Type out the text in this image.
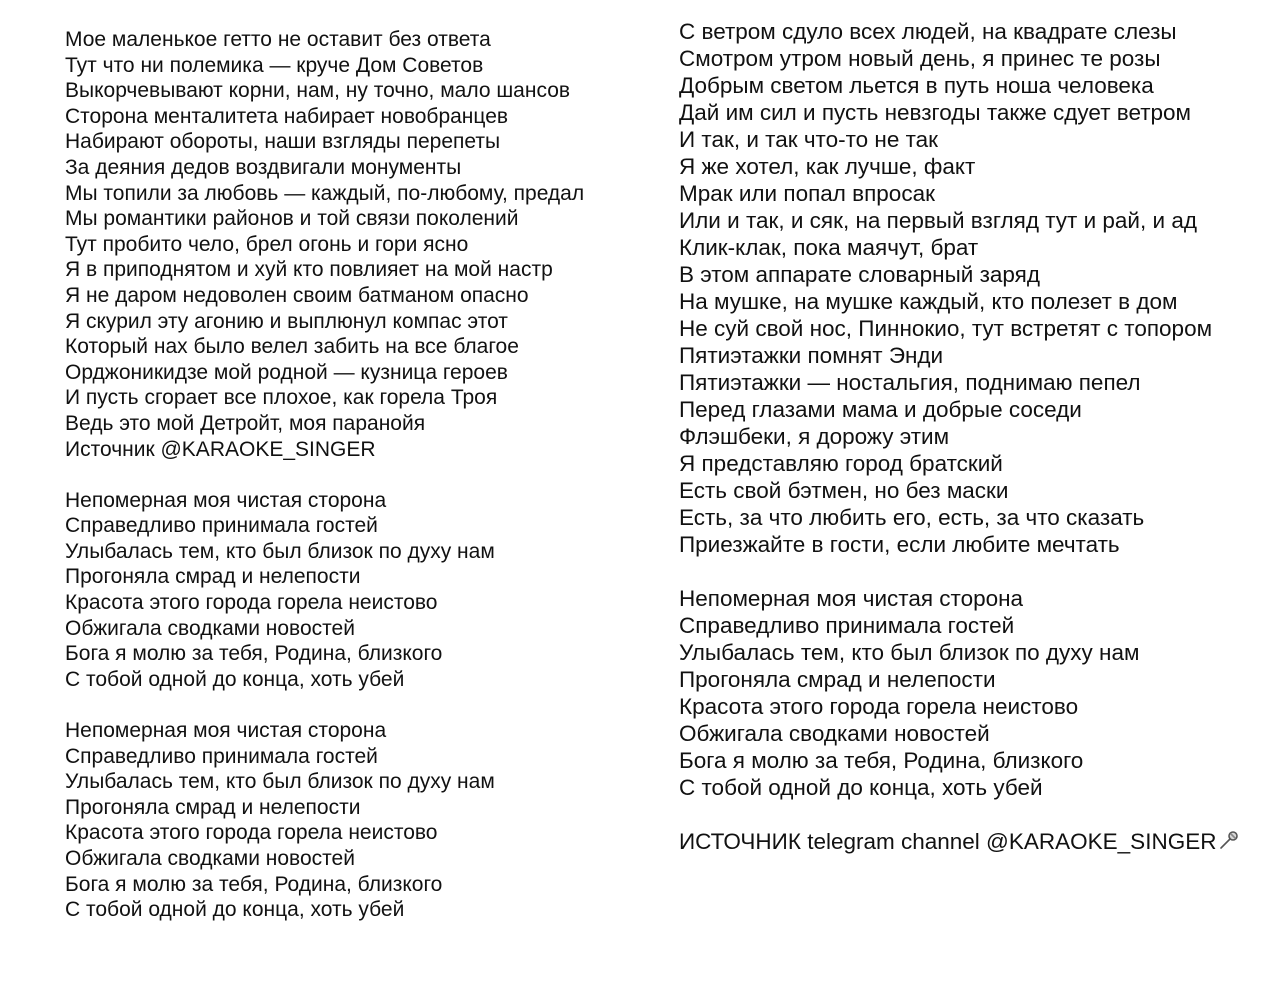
Мое маленькое гетто не оставит без ответа
Тут что ни полемика — круче Дом Советов
Выкорчевывают корни, нам, ну точно, мало шансов
Сторона менталитета набирает новобранцев
Набирают обороты, наши взгляды перепеты
За деяния дедов воздвигали монументы
Мы топили за любовь — каждый, по-любому, предал
Мы романтики районов и той связи поколений
Тут пробито чело, брел огонь и гори ясно
Я в приподнятом и хуй кто повлияет на мой настр
Я не даром недоволен своим батманом опасно
Я скурил эту агонию и выплюнул компас этот
Который нах было велел забить на все благое
Орджоникидзе мой родной — кузница героев
И пусть сгорает все плохое, как горела Троя
Ведь это мой Детройт, моя паранойя
Источник @KARAOKE_SINGER
Непомерная моя чистая сторона
Справедливо принимала гостей
Улыбалась тем, кто был близок по духу нам
Прогоняла смрад и нелепости
Красота этого города горела неистово
Обжигала сводками новостей
Бога я молю за тебя, Родина, близкого
С тобой одной до конца, хоть убей
Непомерная моя чистая сторона
Справедливо принимала гостей
Улыбалась тем, кто был близок по духу нам
Прогоняла смрад и нелепости
Красота этого города горела неистово
Обжигала сводками новостей
Бога я молю за тебя, Родина, близкого
С тобой одной до конца, хоть убей
С ветром сдуло всех людей, на квадрате слезы
Смотром утром новый день, я принес те розы
Добрым светом льется в путь ноша человека
Дай им сил и пусть невзгоды также сдует ветром
И так, и так что-то не так
Я же хотел, как лучше, факт
Мрак или попал впросак
Или и так, и сяк, на первый взгляд тут и рай, и ад
Клик-клак, пока маячут, брат
В этом аппарате словарный заряд
На мушке, на мушке каждый, кто полезет в дом
Не суй свой нос, Пиннокио, тут встретят с топором
Пятиэтажки помнят Энди
Пятиэтажки — ностальгия, поднимаю пепел
Перед глазами мама и добрые соседи
Флэшбеки, я дорожу этим
Я представляю город братский
Есть свой бэтмен, но без маски
Есть, за что любить его, есть, за что сказать
Приезжайте в гости, если любите мечтать
Непомерная моя чистая сторона
Справедливо принимала гостей
Улыбалась тем, кто был близок по духу нам
Прогоняла смрад и нелепости
Красота этого города горела неистово
Обжигала сводками новостей
Бога я молю за тебя, Родина, близкого
С тобой одной до конца, хоть убей
ИСТОЧНИК telegram channel @KARAOKE_SINGER
